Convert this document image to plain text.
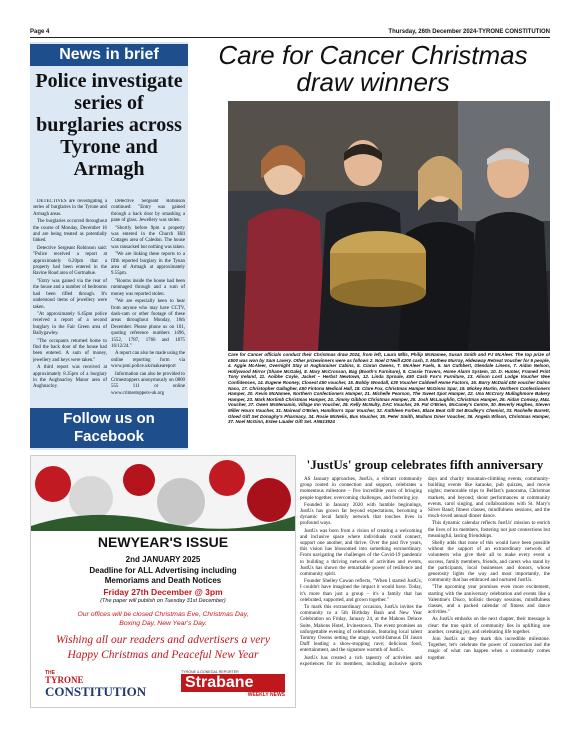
Page 4	Thursday, 26th December 2024-TYRONE CONSTITUTION
News in brief
Police investigate series of burglaries across Tyrone and Armagh

DETECTIVES are investigating a series of burglaries in the Tyrone and Armagh areas.

The burglaries occurred throughout the course of Monday, December 16 and are being treated as potentially linked.

Detective Sergeant Robinson said: "Police received a report at approximately 6.20pm that a property had been entered in the Ravine Road area of Gortnabue.

"Entry was gained via the rear of the house and a number of bedrooms had been rifled through. It's understood items of jewellery were taken.

"At approximately 6.45pm police received a report of a second burglary in the Fair Green area of Ballygawley.

"The occupants returned home to find the back door of the house had been entered. A sum of money, jewellery and keys were taken."

A third report was received at approximately 8.35pm of a burglary in the Aughnacloy Manor area of Aughnacloy.

Detective Sergeant Robinson continued: "Entry was gained through a back door by smashing a pane of glass. Jewellery was stolen.

"Shortly before 9pm a property was entered in the Church Hill Cottages area of Caledon. The house was ransacked but nothing was taken.

"We are linking these reports to a fifth reported burglary in the Tynan area of Armagh at approximately 9.55pm.

"Rooms inside the house had been rummaged through and a sum of money was reported stolen.

"We are especially keen to hear from anyone who may have CCTV, dash-cam or other footage of these areas throughout Monday, 16th December. Please phone us on 101, quoting reference numbers 1496, 1552, 1787, 1766 and 1875 16/12/24."

A report can also be made using the online reporting form via www.psni.police.uk/makeareport

Information can also be provided to Crimestoppers anonymously on 0800 555 111 or online www.crimestoppers-uk.org

Follow us on
Facebook
Care for Cancer Christmas draw winners
Care for Cancer officials conduct their Christmas draw 2024, from left, Laura Mills, Philip McNamee, Susan Smith and PJ McAleer. The top prize of £500 was won by Sam Lavery. Other prizewinners were as follows 2. Noel O'Neill £200 cash, 3. Mathew Murray, Hideaway Retreat Voucher for 6 people, 4. Aggie McAleer, Overnight Stay at Augharainer Cabins, 5. Ciaran Owens, T. McAleer Fuels, 6. Ian Cuthbert, Glendale Linens, 7. Aidan Nelson, Hollywood Mirror (Shane McGale), 8. Mary McCrossan, Bag (Booth's Furniture), 9. Cassie Travers, Home Alarm System, 10. D. Hunter, Framed Print Tony Ireland, 11. Aoibhe Coyle, Jacket – Herbst Newtown, 12. Linda Sproule, £50 Cash Fox's Furniture, 13. Alison Lord Lodge Voucher Wee Confidences, 14. Eugene Rooney, Closest £50 voucher, 15. Bobby Woodall, £30 Voucher Caldwell Home Factors, 16. Barry McDaid £50 voucher Dalms Naco, 17. Christopher Gallagher, £50 Fintona Medical Hall, 18. Clare Fox, Christmas Hamper McGinns Spar, 19. Mickey Martin, Northern Confectioners Hamper, 20. Kevin McNamee, Northern Confectioners Hamper, 21. Michelle Pearson, The Sweet Spot Hamper, 22. Una McCrory Mullaghmore Bakery Hamper, 23. Mark Mortimb Christmas Hamper, 24. Jimmy Gibbon Christmas Hamper, 25. Josh McLaughlin, Christmas Hamper, 26. Aidan Conway, M&L Voucher, 27. Owen McMenamin, Village Inn Voucher, 28. Kelly McNulty, DAC Voucher, 29. Pat O'Brien, McCaney's Centre, 30. Beverly Hughes, Steven Miller Hours Voucher, 31. Mairead O'Brien, Hamilton's Spar Voucher, 32. Kathleen Forbes, Blaze Beat Gift Set Bradley's Chemist, 33. Rachelle Barrett, Gloed Gift Set Donaghy's Pharmacy, 34. Rosie McNelis, Bus Voucher, 35. Peter Smith, Mullans Diner Voucher, 36. Angela Wilson, Christmas Hamper, 37. Noel McGinn, Estee Lauder Gift Set. AN513924
NEWYEAR'S ISSUE
2nd JANUARY 2025
Deadline for ALL Advertising including
Memoriams and Death Notices
Friday 27th December @ 3pm
(The paper will publish on Tuesday 31st December)
Our offices will be closed Christmas Eve, Christmas Day,
Boxing Day, New Year's Day.
Wishing all our readers and advertisers a very
Happy Christmas and Peaceful New Year
THE
TYRONE
CONSTITUTION
TYRONE & DONEGAL REPORTER
Strabane
WEEKLY NEWS
'JustUs' group celebrates fifth anniversary

AS January approaches, JustUs, a vibrant community group rooted in connection and support, celebrates a momentous milestone – five incredible years of bringing people together, overcoming challenges, and fostering joy.

Founded in January 2020 with humble beginnings, JustUs has grown far beyond expectations, becoming a dynamic local family network that touches lives in profound ways.

JustUs was born from a vision of creating a welcoming and inclusive space where individuals could connect, support one another, and thrive. Over the past five years, this vision has blossomed into something extraordinary. From navigating the challenges of the Covid-19 pandemic to building a thriving network of activities and events, JustUs has shown the remarkable power of resilience and community spirit.

Founder Shelley Cowan reflects, "When I started JustUs, I couldn't have imagined the impact it would have. Today, it's more than just a group – it's a family that has celebrated, supported, and grown together."

To mark this extraordinary occasion, JustUs invites the community to a 5th Birthday Bash and New Year Celebration on Friday, January 24, at the Mahons Deluxe Suite, Mahons Hotel, Irvinestown. The event promises an unforgettable evening of celebration, featuring local talent Tommy Owens setting the stage, world-famous DJ Jason Duff leading a show-stopping rave; delicious food, entertainment, and the signature warmth of JustUs.

JustUs has created a rich tapestry of activities and experiences for its members, including inclusive sports days and charity mountain-climbing events, community-building events like karaoke, pub quizzes, and movie nights; memorable trips to Belfast's panorama, Christmas markets, and beyond; shout performances at community events, carol singing, and collaborations with St. Mary's Silver Band; fitness classes, mindfulness sessions, and the much-loved annual dinner dance.

This dynamic calendar reflects JustUs' mission to enrich the lives of its members, fostering not just connections but meaningful, lasting friendships.

Shelly adds that none of this would have been possible without the support of an extraordinary network of volunteers who give their all to make every event a success, family members, friends, and carers who stand by the participants, local businesses and donors, whose generosity lights the way and most importantly, the community that has embraced and nurtured JustUs.

"The upcoming year promises even more excitement, starting with the anniversary celebration and events like a Valentine's Disco, holistic therapy sessions, mindfulness classes, and a packed calendar of fitness and dance activities."

As JustUs embarks on the next chapter, their message is clear: the true spirit of community lies in uplifting one another, creating joy, and celebrating life together.

Join JustUs as they mark this incredible milestone. Together, let's celebrate the power of connection and the magic of what can happen when a community comes together.
